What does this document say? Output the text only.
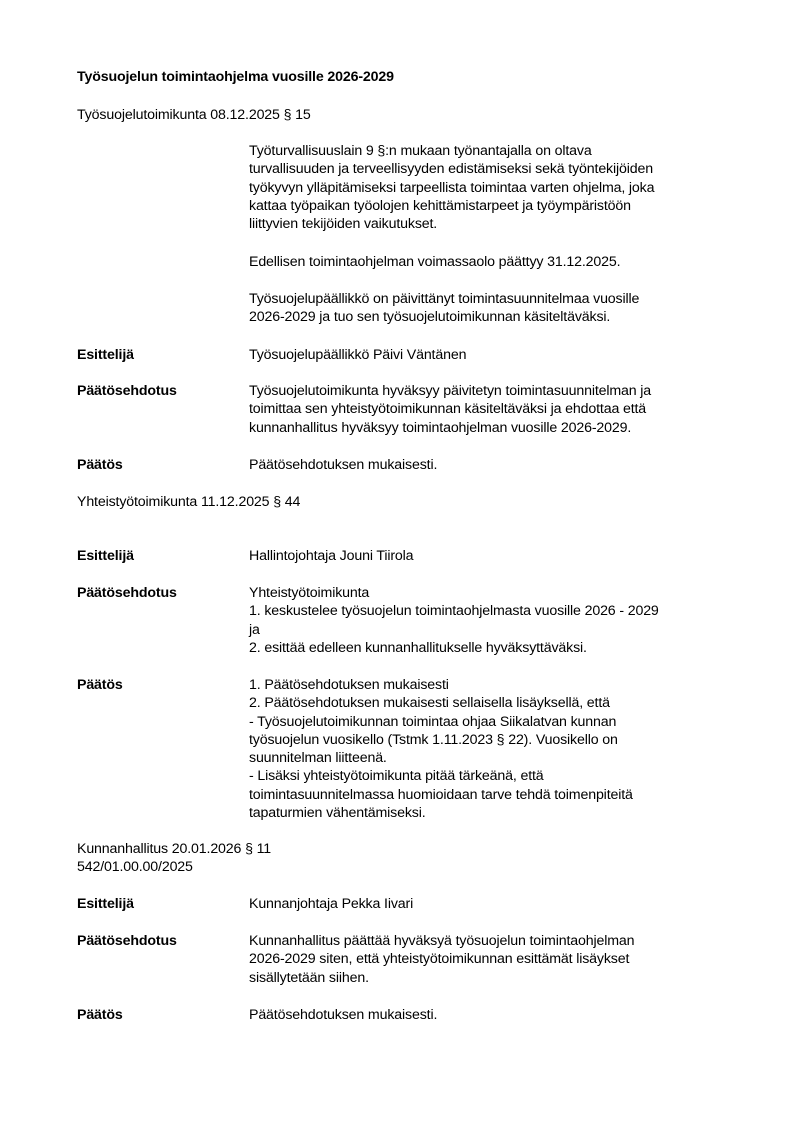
Työsuojelun toimintaohjelma vuosille 2026-2029
Työsuojelutoimikunta 08.12.2025 § 15
Työturvallisuuslain 9 §:n mukaan työnantajalla on oltava
turvallisuuden ja terveellisyyden edistämiseksi sekä työntekijöiden
työkyvyn ylläpitämiseksi tarpeellista toimintaa varten ohjelma, joka
kattaa työpaikan työolojen kehittämistarpeet ja työympäristöön
liittyvien tekijöiden vaikutukset.
Edellisen toimintaohjelman voimassaolo päättyy 31.12.2025.
Työsuojelupäällikkö on päivittänyt toimintasuunnitelmaa vuosille
2026-2029 ja tuo sen työsuojelutoimikunnan käsiteltäväksi.
Esittelijä	Työsuojelupäällikkö Päivi Väntänen
Päätösehdotus	Työsuojelutoimikunta hyväksyy päivitetyn toimintasuunnitelman ja
toimittaa sen yhteistyötoimikunnan käsiteltäväksi ja ehdottaa että
kunnanhallitus hyväksyy toimintaohjelman vuosille 2026-2029.
Päätös	Päätösehdotuksen mukaisesti.
Yhteistyötoimikunta 11.12.2025 § 44
Esittelijä	Hallintojohtaja Jouni Tiirola
Päätösehdotus	Yhteistyötoimikunta
1. keskustelee työsuojelun toimintaohjelmasta vuosille 2026 - 2029
ja
2. esittää edelleen kunnanhallitukselle hyväksyttäväksi.
Päätös	1. Päätösehdotuksen mukaisesti
2. Päätösehdotuksen mukaisesti sellaisella lisäyksellä, että
- Työsuojelutoimikunnan toimintaa ohjaa Siikalatvan kunnan
työsuojelun vuosikello (Tstmk 1.11.2023 § 22). Vuosikello on
suunnitelman liitteenä.
- Lisäksi yhteistyötoimikunta pitää tärkeänä, että
toimintasuunnitelmassa huomioidaan tarve tehdä toimenpiteitä
tapaturmien vähentämiseksi.
Kunnanhallitus 20.01.2026 § 11
542/01.00.00/2025
Esittelijä	Kunnanjohtaja Pekka Iivari
Päätösehdotus	Kunnanhallitus päättää hyväksyä työsuojelun toimintaohjelman
2026-2029 siten, että yhteistyötoimikunnan esittämät lisäykset
sisällytetään siihen.
Päätös	Päätösehdotuksen mukaisesti.
